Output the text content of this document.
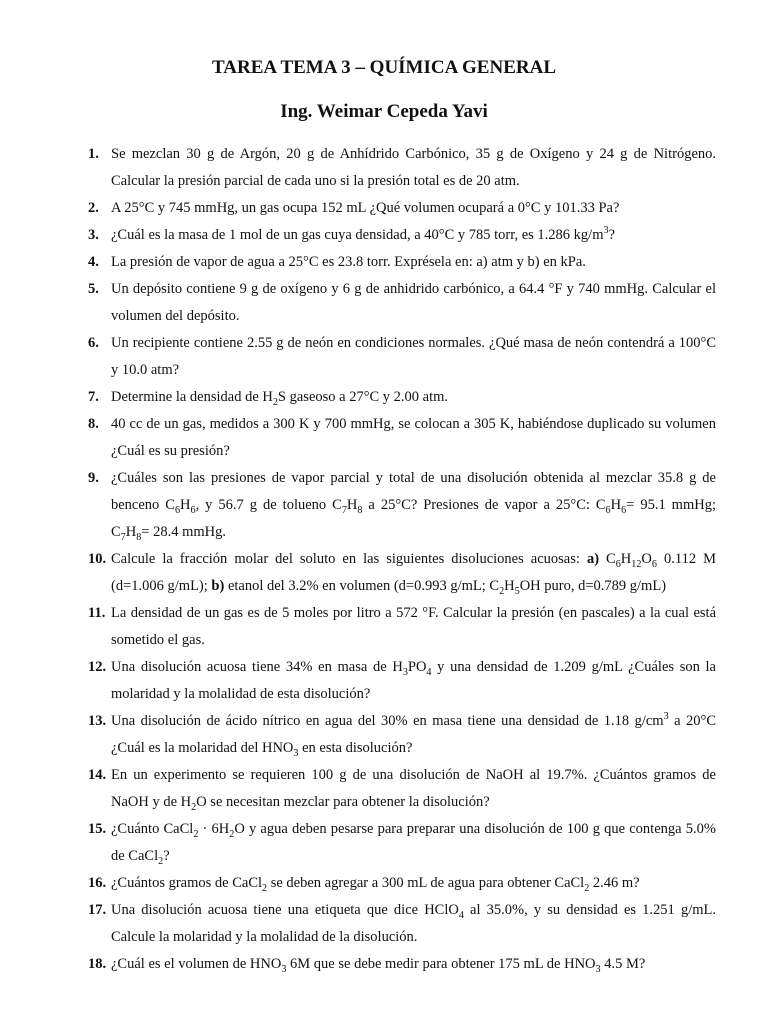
TAREA TEMA 3 – QUÍMICA GENERAL
Ing. Weimar Cepeda Yavi
1. Se mezclan 30 g de Argón, 20 g de Anhídrido Carbónico, 35 g de Oxígeno y 24 g de Nitrógeno. Calcular la presión parcial de cada uno si la presión total es de 20 atm.
2. A 25°C y 745 mmHg, un gas ocupa 152 mL ¿Qué volumen ocupará a 0°C y 101.33 Pa?
3. ¿Cuál es la masa de 1 mol de un gas cuya densidad, a 40°C y 785 torr, es 1.286 $kg/m^3$?
4. La presión de vapor de agua a 25°C es 23.8 torr. Exprésela en: a) atm y b) en kPa.
5. Un depósito contiene 9 g de oxígeno y 6 g de anhidrido carbónico, a 64.4 °F y 740 mmHg. Calcular el volumen del depósito.
6. Un recipiente contiene 2.55 g de neón en condiciones normales. ¿Qué masa de neón contendrá a 100°C y 10.0 atm?
7. Determine la densidad de $H_2S$ gaseoso a 27°C y 2.00 atm.
8. 40 cc de un gas, medidos a 300 K y 700 mmHg, se colocan a 305 K, habiéndose duplicado su volumen ¿Cuál es su presión?
9. ¿Cuáles son las presiones de vapor parcial y total de una disolución obtenida al mezclar 35.8 g de benceno $C_6H_6$, y 56.7 g de tolueno $C_7H_8$ a 25°C? Presiones de vapor a 25°C: $C_6H_6= 95.1$ mmHg; $C_7H_8= 28.4$ mmHg.
10. Calcule la fracción molar del soluto en las siguientes disoluciones acuosas: a) $C_6H_{12}O_6$ 0.112 M (d=1.006 g/mL); b) etanol del 3.2% en volumen (d=0.993 g/mL; $C_2H_5OH$ puro, d=0.789 g/mL)
11. La densidad de un gas es de 5 moles por litro a 572 °F. Calcular la presión (en pascales) a la cual está sometido el gas.
12. Una disolución acuosa tiene 34% en masa de $H_3PO_4$ y una densidad de 1.209 g/mL ¿Cuáles son la molaridad y la molalidad de esta disolución?
13. Una disolución de ácido nítrico en agua del 30% en masa tiene una densidad de 1.18 $g/cm^3$ a 20°C ¿Cuál es la molaridad del $HNO_3$ en esta disolución?
14. En un experimento se requieren 100 g de una disolución de NaOH al 19.7%. ¿Cuántos gramos de NaOH y de $H_2O$ se necesitan mezclar para obtener la disolución?
15. ¿Cuánto CaCl$_2$ · $6H_2O$ y agua deben pesarse para preparar una disolución de 100 g que contenga 5.0% de CaCl$_2$?
16. ¿Cuántos gramos de CaCl$_2$ se deben agregar a 300 mL de agua para obtener CaCl$_2$ 2.46 m?
17. Una disolución acuosa tiene una etiqueta que dice HClO$_4$ al 35.0%, y su densidad es 1.251 g/mL. Calcule la molaridad y la molalidad de la disolución.
18. ¿Cuál es el volumen de $HNO_3$ 6M que se debe medir para obtener 175 mL de $HNO_3$ 4.5 M?
